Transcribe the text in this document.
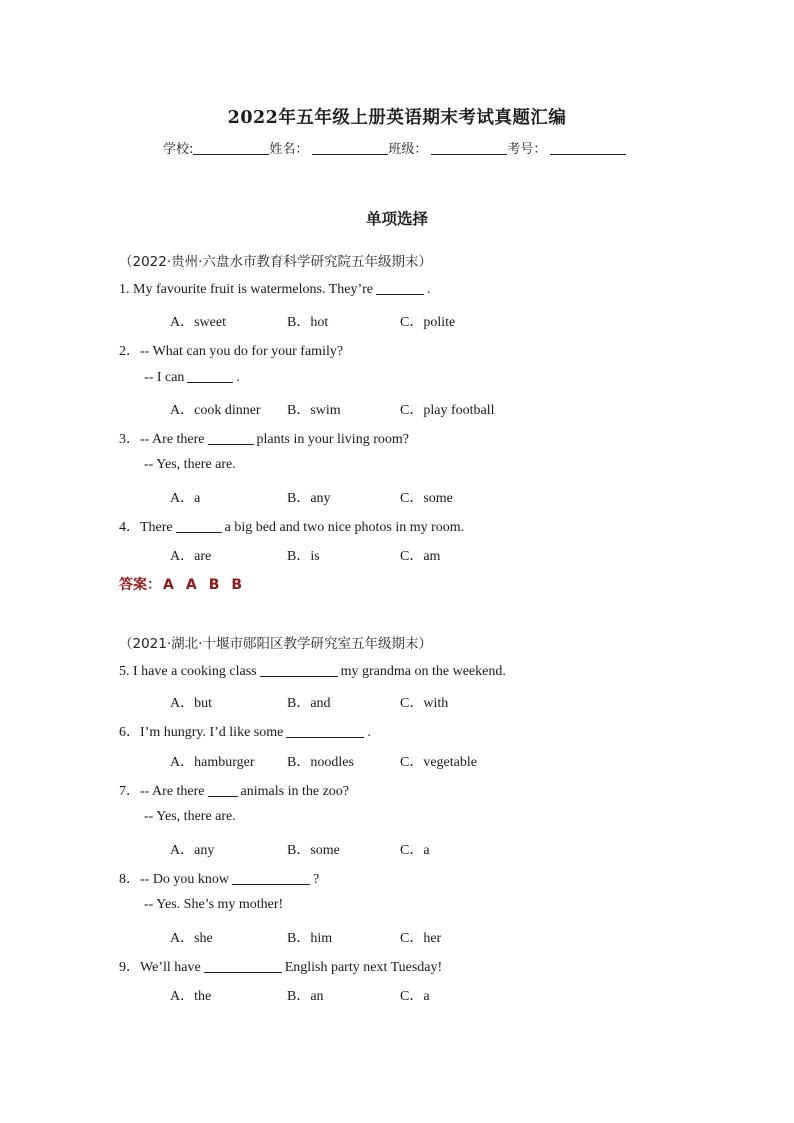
2022年五年级上册英语期末考试真题汇编
学校:	姓名：	班级：	考号：
单项选择
（2022·贵州·六盘水市教育科学研究院五年级期末）
1. My favourite fruit is watermelons. They’re	.
A．sweet	B．hot	C．polite
2．-- What can you do for your family?
-- I can	.
A．cook dinner B．swim	C．play football
3．-- Are there	plants in your living room?
-- Yes, there are.
A．a	B．any	C．some
4．There	a big bed and two nice photos in my room.
A．are	B．is	C．am
答案： A A B B
（2021·湖北·十堰市郧阳区教学研究室五年级期末）
5. I have a cooking class	my grandma on the weekend.
A．but	B．and	C．with
6．I’m hungry. I’d like some	.
A．hamburger B．noodles	C．vegetable
7．-- Are there	animals in the zoo?
-- Yes, there are.
A．any	B．some	C．a
8．-- Do you know	?
-- Yes. She’s my mother!
A．she	B．him	C．her
9．We’ll have	English party next Tuesday!
A．the	B．an	C．a
